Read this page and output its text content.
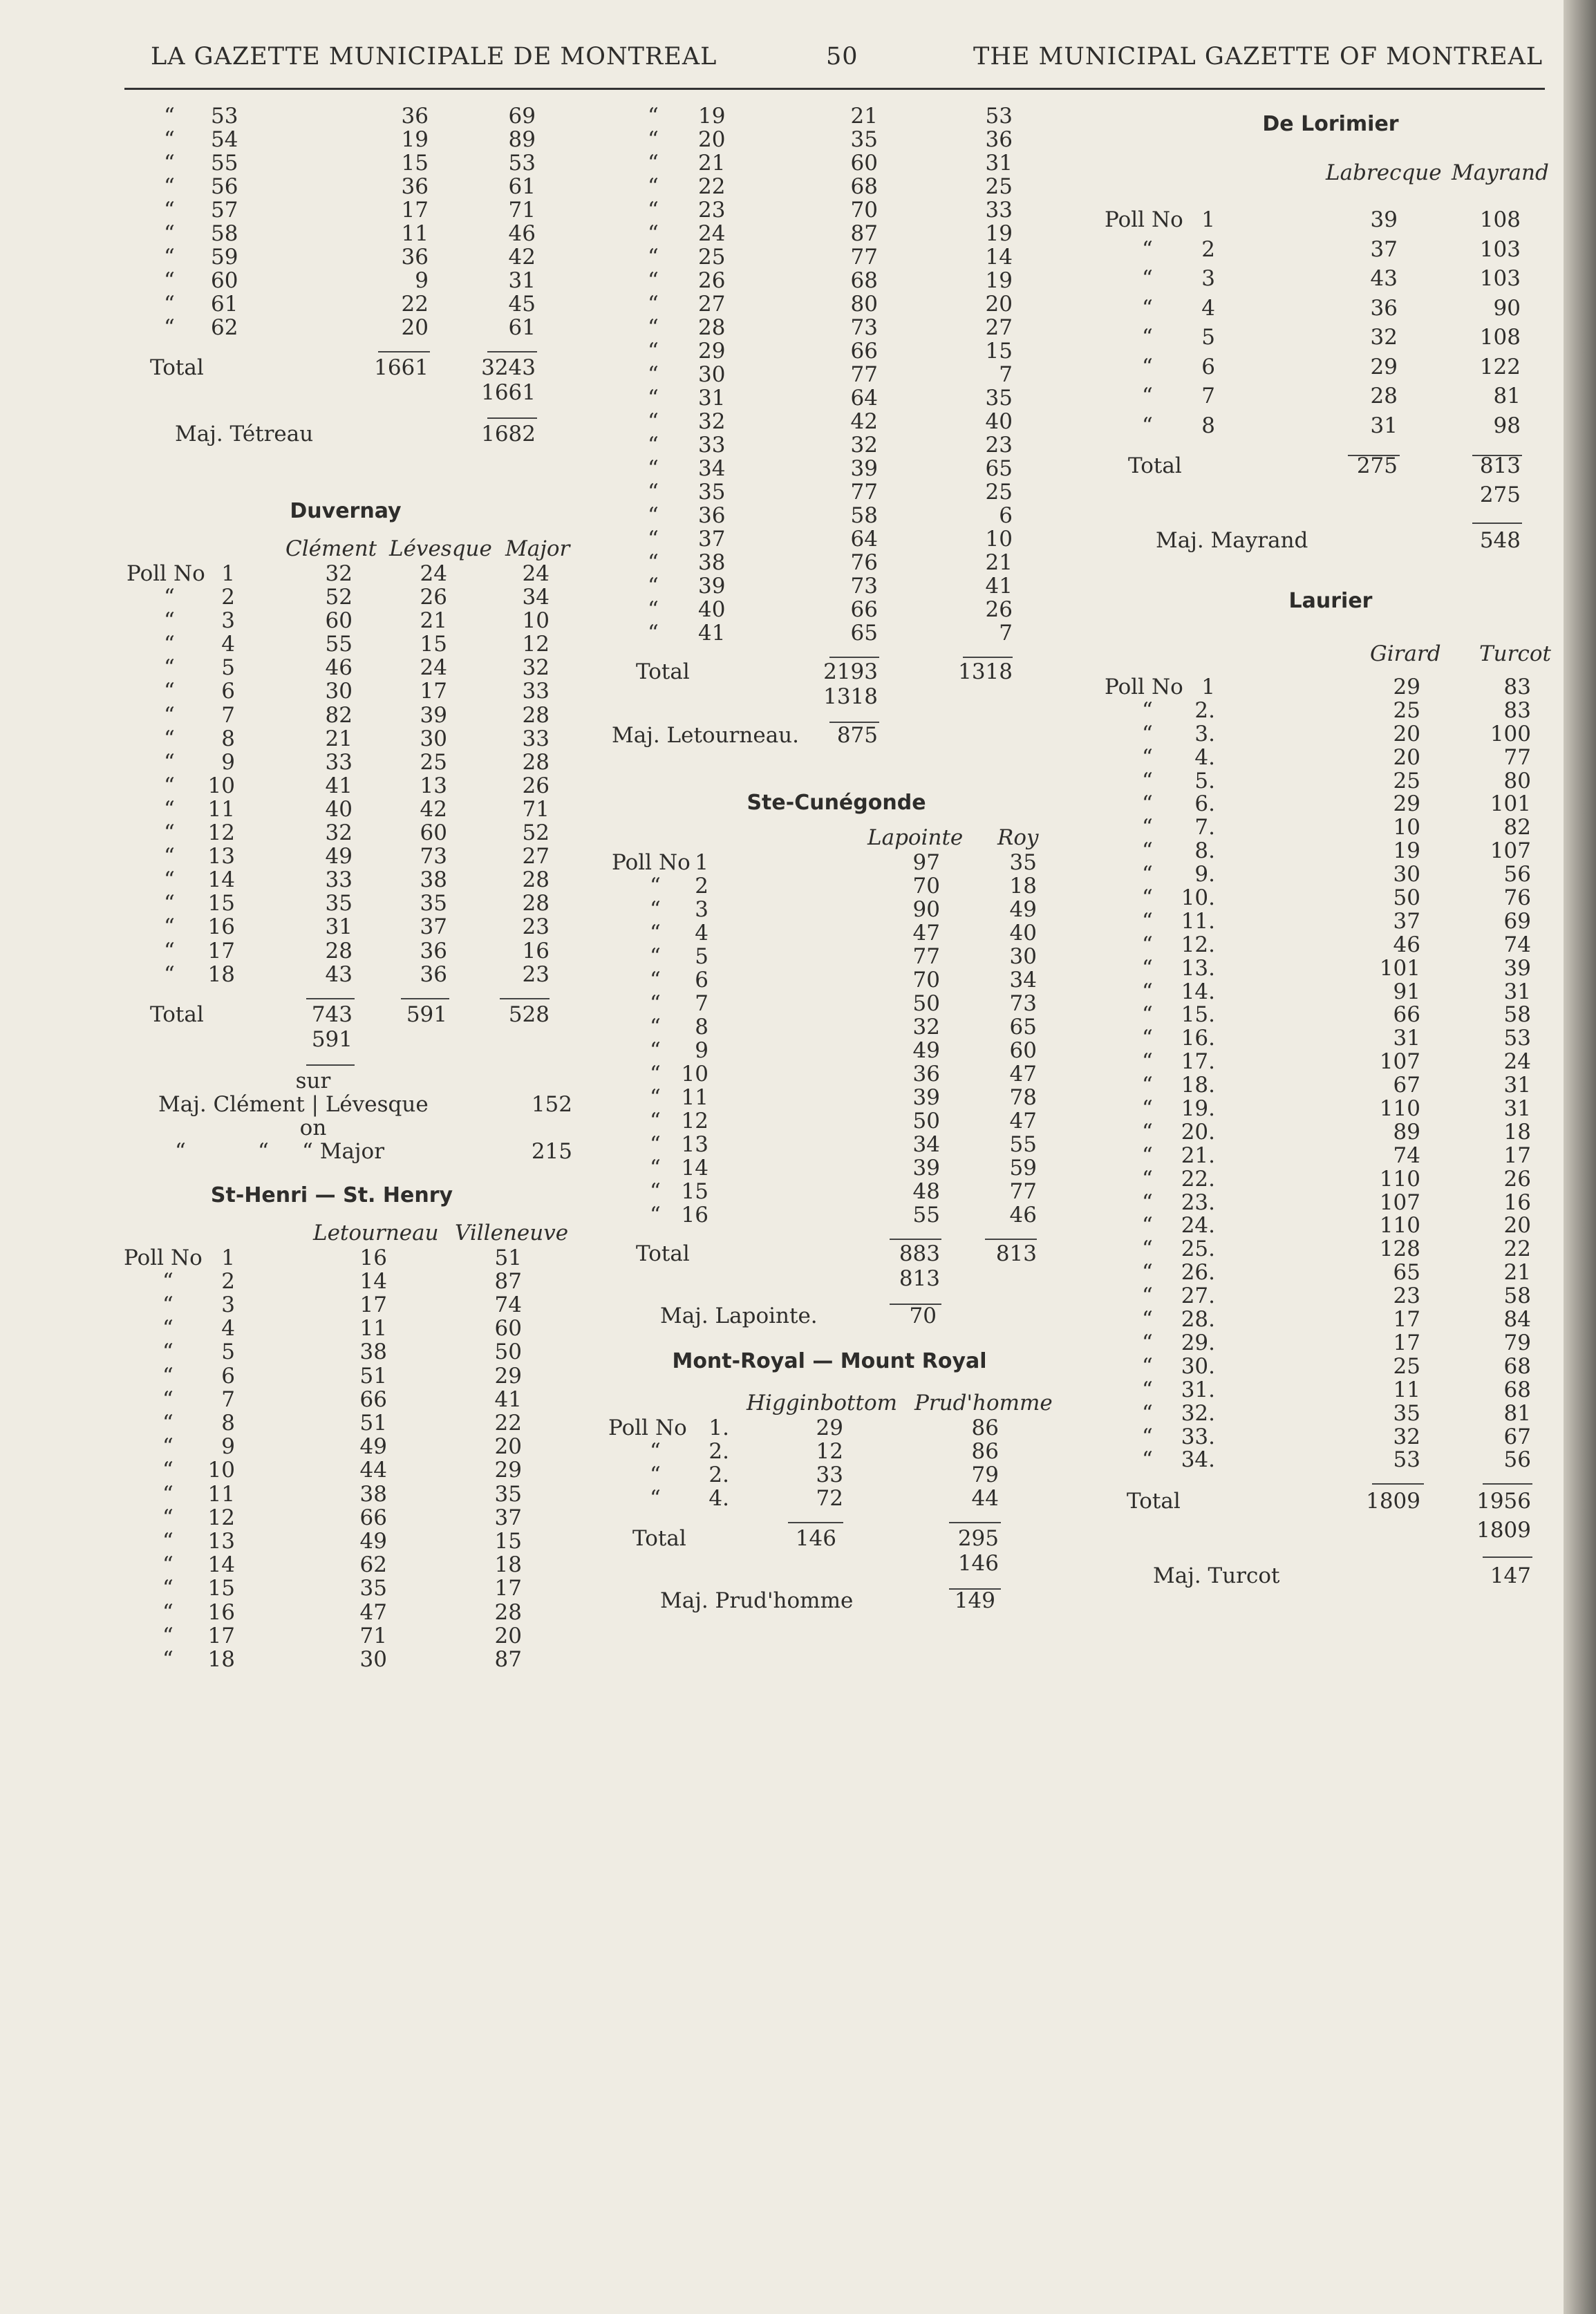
LA GAZETTE MUNICIPALE DE MONTREAL	50	THE MUNICIPAL GAZETTE OF MONTREAL
“ 53	36	69
“ 54	19	89
“ 55	15	53
“ 56	36	61
“ 57	17	71
“ 58	11	46
“ 59	36	42
“ 60	9	31
“ 61	22	45
“ 62	20	61
Total	1661	3243
1661
Maj. Tétreau	1682
Duvernay
Clément Lévesque Major
Poll No 1	32	24	24
“	2	52	26	34
“	3	60	21	10
“	4	55	15	12
“	5	46	24	32
“	6	30	17	33
“	7	82	39	28
“	8	21	30	33
“	9	33	25	28
“	10	41	13	26
“	11	40	42	71
“	12	32	60	52
“	13	49	73	27
“	14	33	38	28
“	15	35	35	28
“	16	31	37	23
“	17	28	36	16
“	18	43	36	23
Total	743	591	528
591
sur
Maj. Clément | Lévesque	152
on
“	“ “ Major	215
St-Henri — St. Henry
Letourneau Villeneuve
Poll No 1	16	51
“	2	14	87
“	3	17	74
“	4	11	60
“	5	38	50
“	6	51	29
“	7	66	41
“	8	51	22
“	9	49	20
“	10	44	29
“	11	38	35
“	12	66	37
“	13	49	15
“	14	62	18
“	15	35	17
“	16	47	28
“	17	71	20
“	18	30	87
“ 19	21	53
“ 20	35	36
“ 21	60	31
“ 22	68	25
“ 23	70	33
“ 24	87	19
“ 25	77	14
“ 26	68	19
“ 27	80	20
“ 28	73	27
“ 29	66	15
“ 30	77	7
“ 31	64	35
“ 32	42	40
“ 33	32	23
“ 34	39	65
“ 35	77	25
“ 36	58	6
“ 37	64	10
“ 38	76	21
“ 39	73	41
“ 40	66	26
“ 41	65	7
Total	2193	1318
1318
Maj. Letourneau.	875
Ste-Cunégonde
Lapointe Roy
Poll No 1	97	35
“	2	70	18
“	3	90	49
“	4	47	40
“	5	77	30
“	6	70	34
“	7	50	73
“	8	32	65
“	9	49	60
“ 10	36	47
“ 11	39	78
“ 12	50	47
“ 13	34	55
“ 14	39	59
“ 15	48	77
“ 16	55	46
Total	883	813
813
Maj. Lapointe.	70
Mont-Royal — Mount Royal
Higginbottom Prud'homme
Poll No	1.	29	86
“	2.	12	86
“	2.	33	79
“	4.	72	44
Total	146	295
146
Maj. Prud'homme	149
De Lorimier
Labrecque Mayrand
Poll No 1	39	108
“	2	37	103
“	3	43	103
“	4	36	90
“	5	32	108
“	6	29	122
“	7	28	81
“	8	31	98
Total	275	813
275
Maj. Mayrand	548
Laurier
Girard Turcot
Poll No 1	29	83
“	2.	25	83
“	3.	20	100
“	4.	20	77
“	5.	25	80
“	6.	29	101
“	7.	10	82
“	8.	19	107
“	9.	30	56
“	10.	50	76
“	11.	37	69
“	12.	46	74
“	13.	101	39
“	14.	91	31
“	15.	66	58
“	16.	31	53
“	17.	107	24
“	18.	67	31
“	19.	110	31
“	20.	89	18
“	21.	74	17
“	22.	110	26
“	23.	107	16
“	24.	110	20
“	25.	128	22
“	26.	65	21
“	27.	23	58
“	28.	17	84
“	29.	17	79
“	30.	25	68
“	31.	11	68
“	32.	35	81
“	33.	32	67
“	34.	53	56
Total	1809	1956
1809
Maj. Turcot	147
